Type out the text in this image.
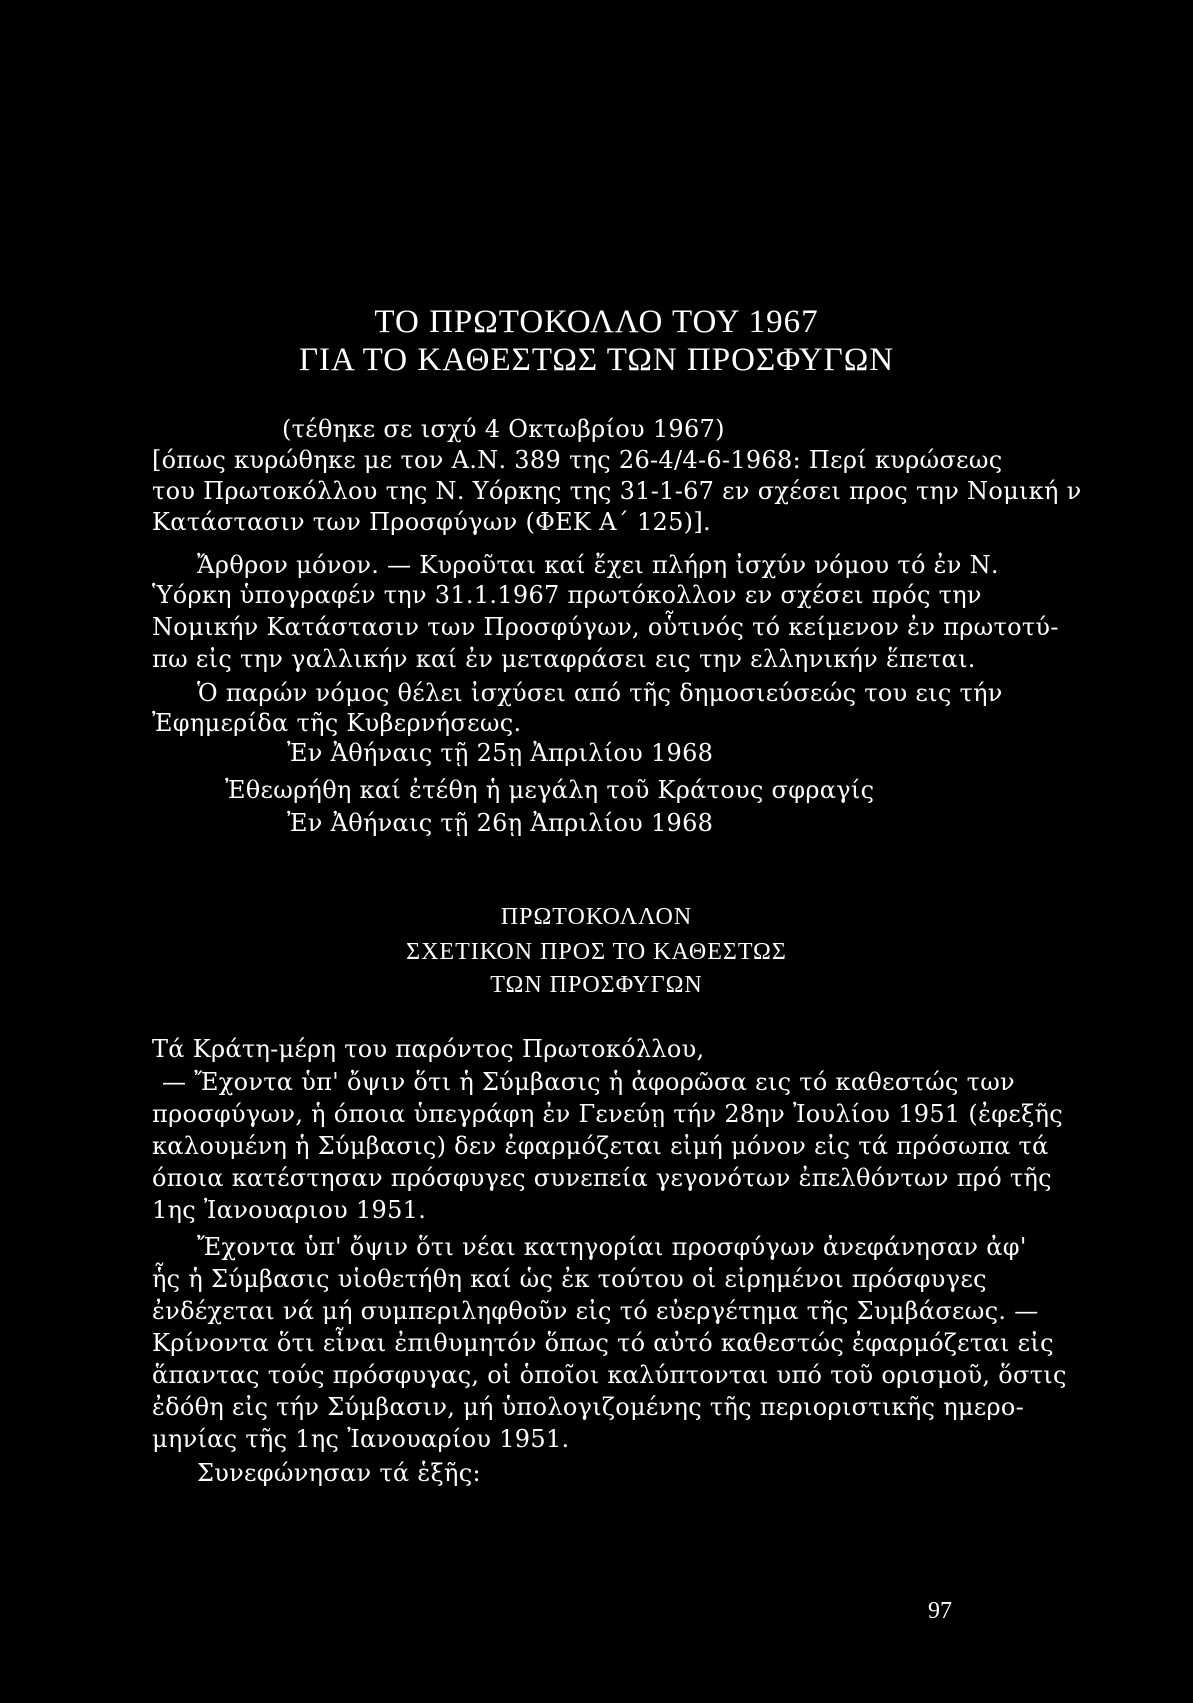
ΤΟ ΠΡΩΤΟΚΟΛΛΟ ΤΟΥ 1967
ΓΙΑ ΤΟ ΚΑΘΕΣΤΩΣ ΤΩΝ ΠΡΟΣΦΥΓΩΝ
(τέθηκε σε ισχύ 4 Οκτωβρίου 1967)
[όπως κυρώθηκε με τον Α.Ν. 389 της 26-4/4-6-1968: Περί κυρώσεως
του Πρωτοκόλλου της Ν. Υόρκης της 31-1-67 εν σχέσει προς την Νομική ν
Κατάστασιν των Προσφύγων (ΦΕΚ Α΄ 125)].
Ἄρθρον μόνον. — Κυροῦται καί ἔχει πλήρη ἰσχύν νόμου τό ἐν Ν.
Ὑόρκη ὑπογραφέν την 31.1.1967 πρωτόκολλον εν σχέσει πρός την
Νομικήν Κατάστασιν των Προσφύγων, οὗτινός τό κείμενον ἐν πρωτοτύ-
πω εἰς την γαλλικήν καί ἐν μεταφράσει εις την ελληνικήν ἕπεται.
Ὁ παρών νόμος θέλει ἰσχύσει από τῆς δημοσιεύσεώς του εις τήν
Ἐφημερίδα τῆς Κυβερνήσεως.
Ἐν Ἀθήναις τῇ 25ῃ Ἀπριλίου 1968
Ἐθεωρήθη καί ἐτέθη ἡ μεγάλη τοῦ Κράτους σφραγίς
Ἐν Ἀθήναις τῇ 26ῃ Ἀπριλίου 1968
ΠΡΩΤΟΚΟΛΛΟΝ
ΣΧΕΤΙΚΟΝ ΠΡΟΣ ΤΟ ΚΑΘΕΣΤΩΣ
ΤΩΝ ΠΡΟΣΦΥΓΩΝ
Τά Κράτη-μέρη του παρόντος Πρωτοκόλλου,
— Ἔχοντα ὑπ' ὄψιν ὅτι ἡ Σύμβασις ἡ ἀφορῶσα εις τό καθεστώς των
προσφύγων, ἡ όποια ὑπεγράφη ἐν Γενεύῃ τήν 28ην Ἰουλίου 1951 (ἐφεξῆς
καλουμένη ἡ Σύμβασις) δεν ἐφαρμόζεται εἰμή μόνον εἰς τά πρόσωπα τά
όποια κατέστησαν πρόσφυγες συνεπεία γεγονότων ἐπελθόντων πρό τῆς
1ης Ἰανουαριου 1951.
Ἔχοντα ὑπ' ὄψιν ὅτι νέαι κατηγορίαι προσφύγων ἀνεφάνησαν ἀφ'
ἧς ἡ Σύμβασις υἱοθετήθη καί ὡς ἐκ τούτου οἱ εἰρημένοι πρόσφυγες
ἐνδέχεται νά μή συμπεριληφθοῦν εἰς τό εὐεργέτημα τῆς Συμβάσεως. —
Κρίνοντα ὅτι εἶναι ἐπιθυμητόν ὅπως τό αὐτό καθεστώς ἐφαρμόζεται εἰς
ἅπαντας τούς πρόσφυγας, οἱ ὁποῖοι καλύπτονται υπό τοῦ ορισμοῦ, ὅστις
ἐδόθη εἰς τήν Σύμβασιν, μή ὑπολογιζομένης τῆς περιοριστικῆς ημερο-
μηνίας τῆς 1ης Ἰανουαρίου 1951.
Συνεφώνησαν τά ἑξῆς:
97
